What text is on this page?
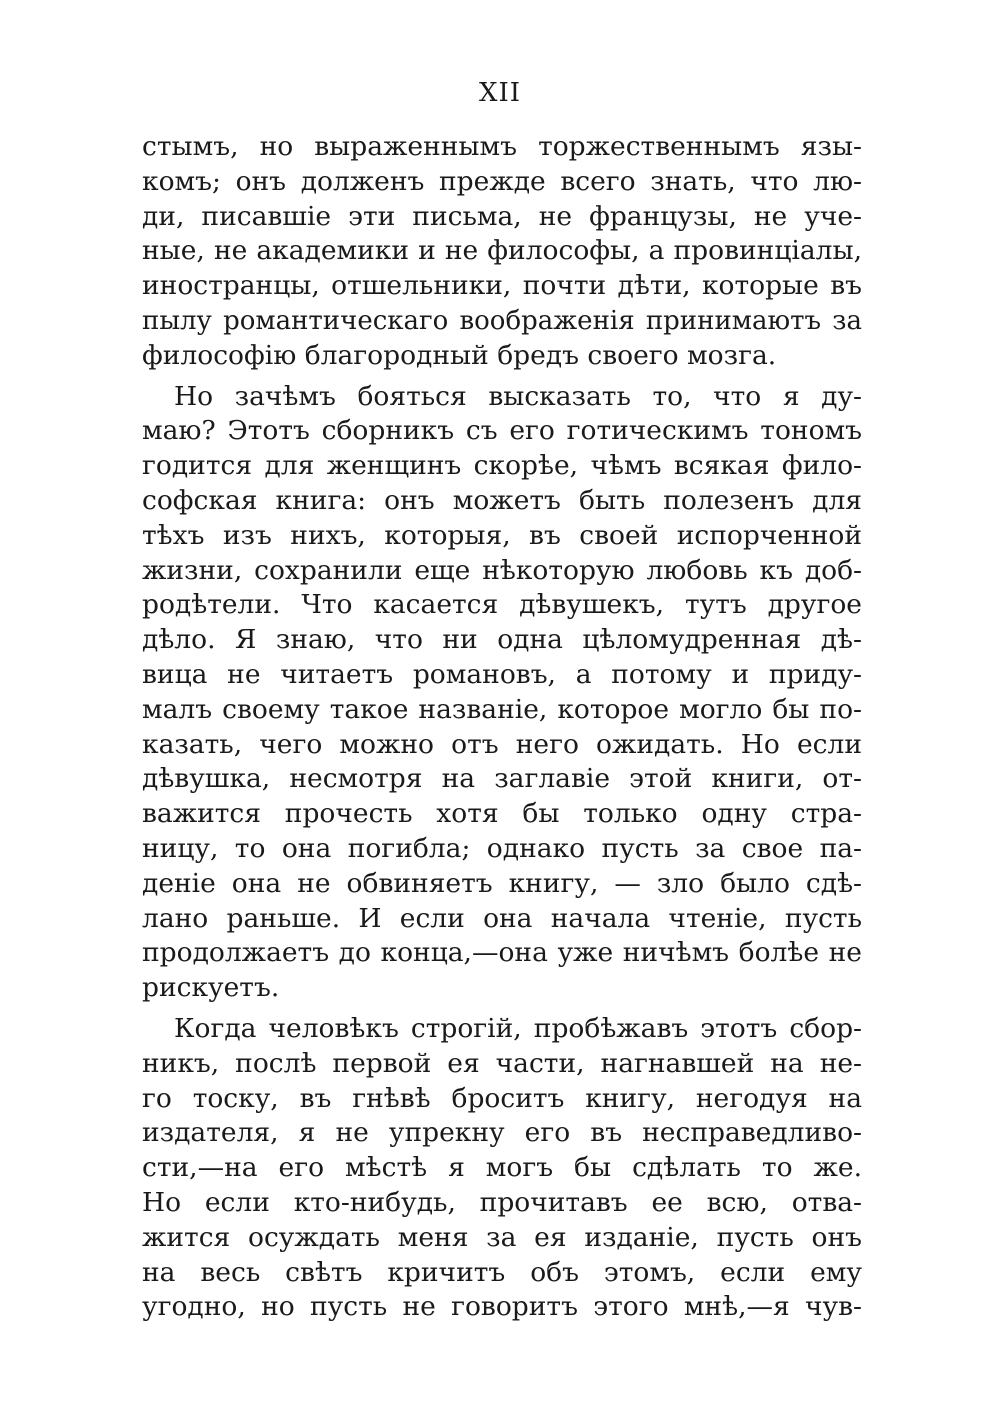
XII
стымъ, но выраженнымъ торжественнымъ язы-
комъ; онъ долженъ прежде всего знать, что лю-
ди, писавшіе эти письма, не французы, не уче-
ные, не академики и не философы, а провинціалы,
иностранцы, отшельники, почти дѣти, которые въ
пылу романтическаго воображенія принимаютъ за
философію благородный бредъ своего мозга.
Но зачѣмъ бояться высказать то, что я ду-
маю? Этотъ сборникъ съ его готическимъ тономъ
годится для женщинъ скорѣе, чѣмъ всякая фило-
софская книга: онъ можетъ быть полезенъ для
тѣхъ изъ нихъ, которыя, въ своей испорченной
жизни, сохранили еще нѣкоторую любовь къ доб-
родѣтели. Что касается дѣвушекъ, тутъ другое
дѣло. Я знаю, что ни одна цѣломудренная дѣ-
вица не читаетъ романовъ, а потому и приду-
малъ своему такое названіе, которое могло бы по-
казать, чего можно отъ него ожидать. Но если
дѣвушка, несмотря на заглавіе этой книги, от-
важится прочесть хотя бы только одну стра-
ницу, то она погибла; однако пусть за свое па-
деніе она не обвиняетъ книгу, — зло было сдѣ-
лано раньше. И если она начала чтеніе, пусть
продолжаетъ до конца,—она уже ничѣмъ болѣе не
рискуетъ.
Когда человѣкъ строгій, пробѣжавъ этотъ сбор-
никъ, послѣ первой ея части, нагнавшей на не-
го тоску, въ гнѣвѣ броситъ книгу, негодуя на
издателя, я не упрекну его въ несправедливо-
сти,—на его мѣстѣ я могъ бы сдѣлать то же.
Но если кто-нибудь, прочитавъ ее всю, отва-
жится осуждать меня за ея изданіе, пусть онъ
на весь свѣтъ кричитъ объ этомъ, если ему
угодно, но пусть не говоритъ этого мнѣ,—я чув-
